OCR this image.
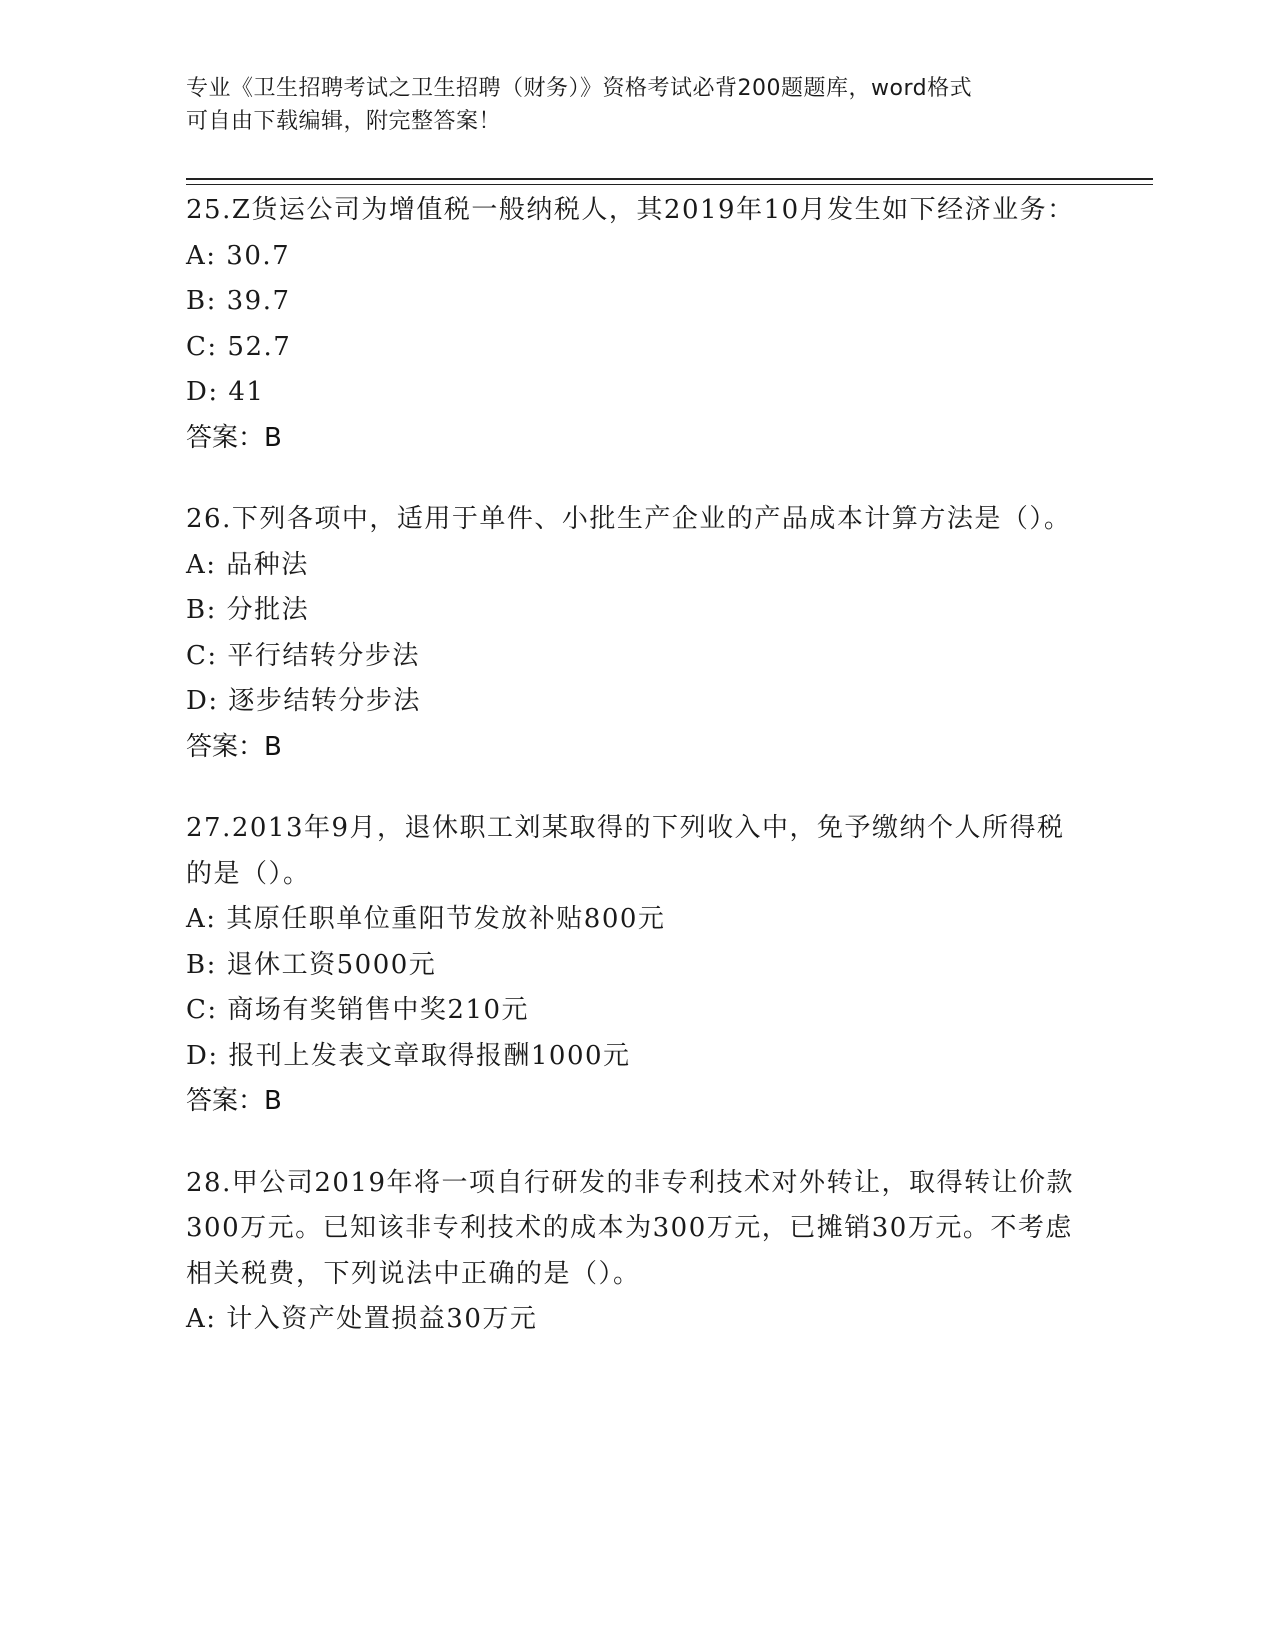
专业《卫生招聘考试之卫生招聘（财务）》资格考试必背200题题库，word格式
可自由下载编辑，附完整答案！
25.Z货运公司为增值税一般纳税人，其2019年10月发生如下经济业务：
A: 30.7
B: 39.7
C: 52.7
D: 41
答案：B
26.下列各项中，适用于单件、小批生产企业的产品成本计算方法是（）。
A: 品种法
B: 分批法
C: 平行结转分步法
D: 逐步结转分步法
答案：B
27.2013年9月，退休职工刘某取得的下列收入中，免予缴纳个人所得税的是（）。
A: 其原任职单位重阳节发放补贴800元
B: 退休工资5000元
C: 商场有奖销售中奖210元
D: 报刊上发表文章取得报酬1000元
答案：B
28.甲公司2019年将一项自行研发的非专利技术对外转让，取得转让价款300万元。已知该非专利技术的成本为300万元，已摊销30万元。不考虑相关税费，下列说法中正确的是（）。
A: 计入资产处置损益30万元
